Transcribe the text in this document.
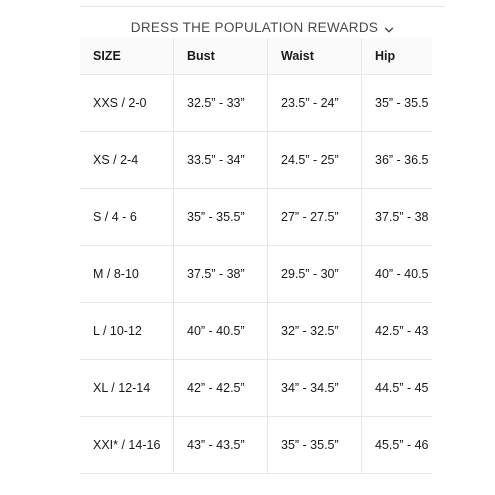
DRESS THE POPULATION REWARDS
SIZE	Bust	Waist	Hip
XXS / 2-0	32.5” - 33”	23.5” - 24”	35” - 35.5
XS / 2-4	33.5” - 34”	24.5” - 25”	36” - 36.5
S / 4 - 6	35” - 35.5”	27” - 27.5”	37.5” - 38
M / 8-10	37.5” - 38”	29.5” - 30”	40” - 40.5
L / 10-12	40” - 40.5”	32” - 32.5”	42.5” - 43
XL / 12-14	42” - 42.5”	34” - 34.5”	44.5” - 45
XXI* / 14-16	43” - 43.5”	35” - 35.5”	45.5” - 46
